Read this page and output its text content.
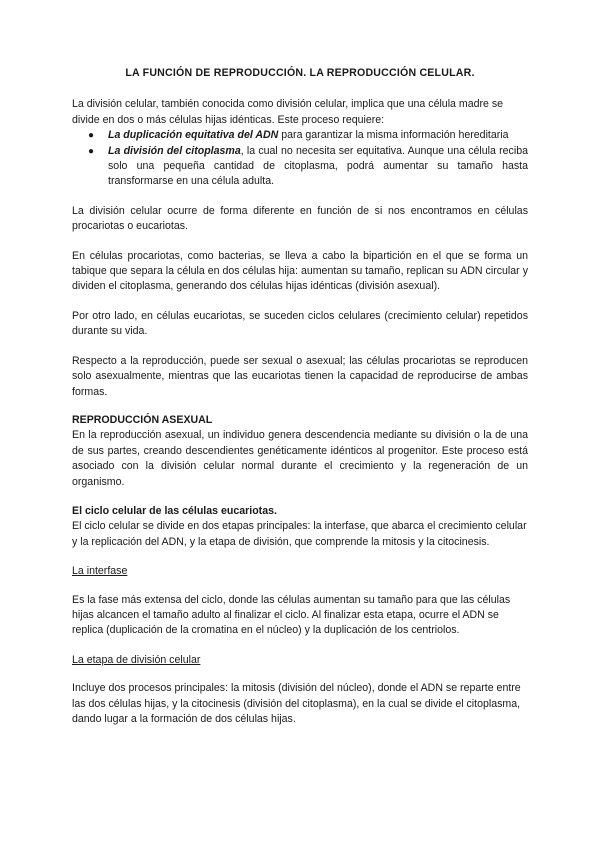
LA FUNCIÓN DE REPRODUCCIÓN. LA REPRODUCCIÓN CELULAR.

La división celular, también conocida como división celular, implica que una célula madre se divide en dos o más células hijas idénticas. Este proceso requiere:

● La duplicación equitativa del ADN para garantizar la misma información hereditaria
● La división del citoplasma, la cual no necesita ser equitativa. Aunque una célula reciba solo una pequeña cantidad de citoplasma, podrá aumentar su tamaño hasta transformarse en una célula adulta.

La división celular ocurre de forma diferente en función de si nos encontramos en células procariotas o eucariotas.

En células procariotas, como bacterias, se lleva a cabo la bipartición en el que se forma un tabique que separa la célula en dos células hija: aumentan su tamaño, replican su ADN circular y dividen el citoplasma, generando dos células hijas idénticas (división asexual).

Por otro lado, en células eucariotas, se suceden ciclos celulares (crecimiento celular) repetidos durante su vida.

Respecto a la reproducción, puede ser sexual o asexual; las células procariotas se reproducen solo asexualmente, mientras que las eucariotas tienen la capacidad de reproducirse de ambas formas.

REPRODUCCIÓN ASEXUAL

En la reproducción asexual, un individuo genera descendencia mediante su división o la de una de sus partes, creando descendientes genéticamente idénticos al progenitor. Este proceso está asociado con la división celular normal durante el crecimiento y la regeneración de un organismo.

El ciclo celular de las células eucariotas.

El ciclo celular se divide en dos etapas principales: la interfase, que abarca el crecimiento celular y la replicación del ADN, y la etapa de división, que comprende la mitosis y la citocinesis.

La interfase

Es la fase más extensa del ciclo, donde las células aumentan su tamaño para que las células hijas alcancen el tamaño adulto al finalizar el ciclo. Al finalizar esta etapa, ocurre el ADN se replica (duplicación de la cromatina en el núcleo) y la duplicación de los centriolos.

La etapa de división celular

Incluye dos procesos principales: la mitosis (división del núcleo), donde el ADN se reparte entre las dos células hijas, y la citocinesis (división del citoplasma), en la cual se divide el citoplasma, dando lugar a la formación de dos células hijas.
